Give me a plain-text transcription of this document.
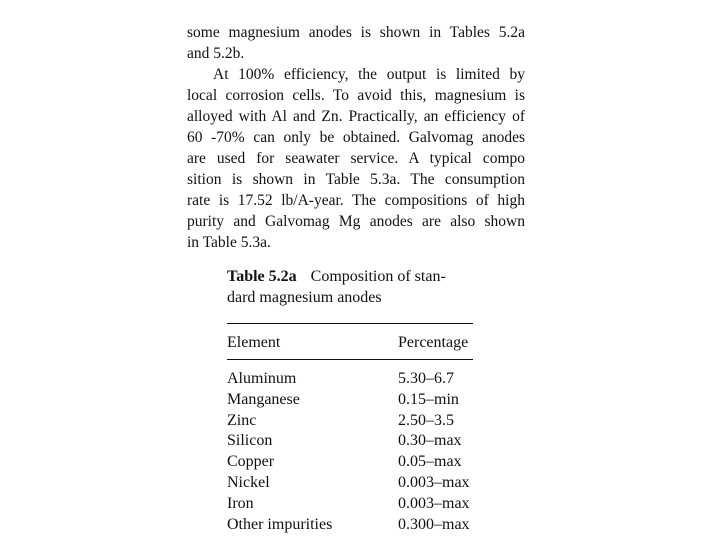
some magnesium anodes is shown in Tables 5.2a
and 5.2b.
At 100% efficiency, the output is limited by
local corrosion cells. To avoid this, magnesium is
alloyed with Al and Zn. Practically, an efficiency of
60 -70% can only be obtained. Galvomag anodes
are used for seawater service. A typical compo
sition is shown in Table 5.3a. The consumption
rate is 17.52 lb/A-year. The compositions of high
purity and Galvomag Mg anodes are also shown
in Table 5.3a.
Table 5.2a Composition of stan-
dard magnesium anodes
Element	Percentage
Aluminum	5.30–6.7
Manganese	0.15–min
Zinc	2.50–3.5
Silicon	0.30–max
Copper	0.05–max
Nickel	0.003–max
Iron	0.003–max
Other impurities	0.300–max
